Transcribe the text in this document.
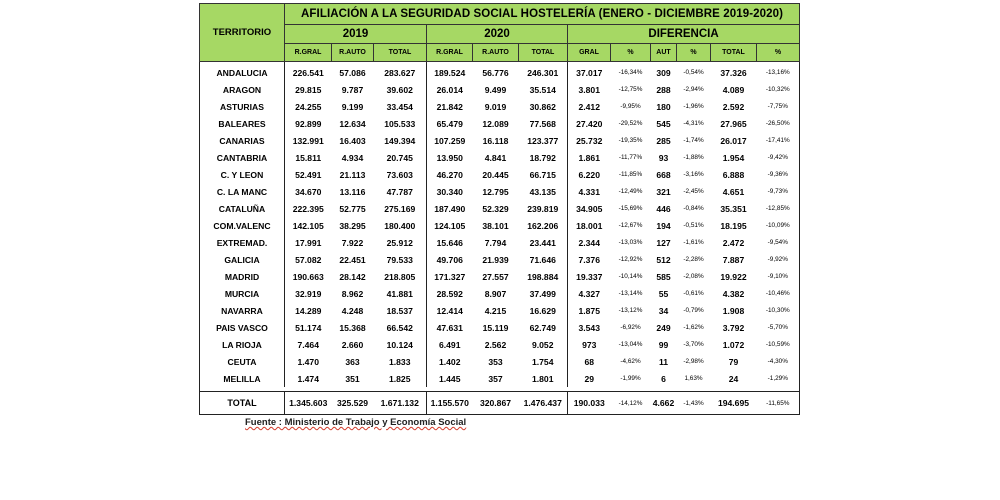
TERRITORIO	AFILIACIÓN A LA SEGURIDAD SOCIAL HOSTELERÍA (ENERO - DICIEMBRE 2019-2020)											
	2019			2020			DIFERENCIA					
	R.GRAL	R.AUTO	TOTAL	R.GRAL	R.AUTO	TOTAL	GRAL	%	AUT	%	TOTAL	%
ANDALUCIA	226.541	57.086	283.627	189.524	56.776	246.301	37.017	-16,34%	309	-0,54%	37.326	-13,16%
ARAGON	29.815	9.787	39.602	26.014	9.499	35.514	3.801	-12,75%	288	-2,94%	4.089	-10,32%
ASTURIAS	24.255	9.199	33.454	21.842	9.019	30.862	2.412	-9,95%	180	-1,96%	2.592	-7,75%
BALEARES	92.899	12.634	105.533	65.479	12.089	77.568	27.420	-29,52%	545	-4,31%	27.965	-26,50%
CANARIAS	132.991	16.403	149.394	107.259	16.118	123.377	25.732	-19,35%	285	-1,74%	26.017	-17,41%
CANTABRIA	15.811	4.934	20.745	13.950	4.841	18.792	1.861	-11,77%	93	-1,88%	1.954	-9,42%
C. Y LEON	52.491	21.113	73.603	46.270	20.445	66.715	6.220	-11,85%	668	-3,16%	6.888	-9,36%
C. LA MANC	34.670	13.116	47.787	30.340	12.795	43.135	4.331	-12,49%	321	-2,45%	4.651	-9,73%
CATALUÑA	222.395	52.775	275.169	187.490	52.329	239.819	34.905	-15,69%	446	-0,84%	35.351	-12,85%
COM.VALENC	142.105	38.295	180.400	124.105	38.101	162.206	18.001	-12,67%	194	-0,51%	18.195	-10,09%
EXTREMAD.	17.991	7.922	25.912	15.646	7.794	23.441	2.344	-13,03%	127	-1,61%	2.472	-9,54%
GALICIA	57.082	22.451	79.533	49.706	21.939	71.646	7.376	-12,92%	512	-2,28%	7.887	-9,92%
MADRID	190.663	28.142	218.805	171.327	27.557	198.884	19.337	-10,14%	585	-2,08%	19.922	-9,10%
MURCIA	32.919	8.962	41.881	28.592	8.907	37.499	4.327	-13,14%	55	-0,61%	4.382	-10,46%
NAVARRA	14.289	4.248	18.537	12.414	4.215	16.629	1.875	-13,12%	34	-0,79%	1.908	-10,30%
PAIS VASCO	51.174	15.368	66.542	47.631	15.119	62.749	3.543	-6,92%	249	-1,62%	3.792	-5,70%
LA RIOJA	7.464	2.660	10.124	6.491	2.562	9.052	973	-13,04%	99	-3,70%	1.072	-10,59%
CEUTA	1.470	363	1.833	1.402	353	1.754	68	-4,62%	11	-2,98%	79	-4,30%
MELILLA	1.474	351	1.825	1.445	357	1.801	29	-1,99%	6	1,63%	24	-1,29%

TOTAL	1.345.603	325.529	1.671.132	1.155.570	320.867	1.476.437	190.033	-14,12%	4.662	-1,43%	194.695	-11,65%
Fuente : Ministerio de Trabajo y Economía Social
